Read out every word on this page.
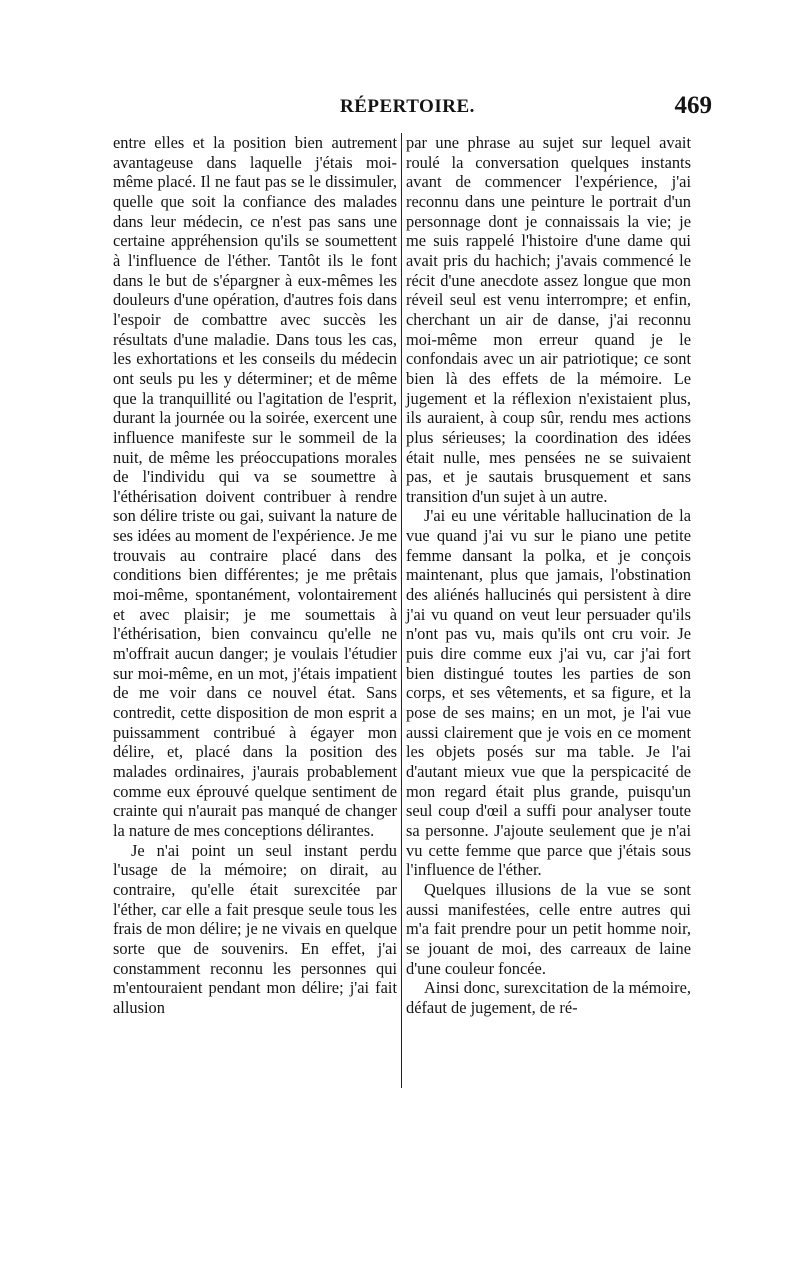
RÉPERTOIRE.	469

entre elles et la position bien autrement avantageuse dans laquelle j'étais moi-même placé. Il ne faut pas se le dissimuler, quelle que soit la confiance des malades dans leur médecin, ce n'est pas sans une certaine appréhension qu'ils se soumettent à l'influence de l'éther. Tantôt ils le font dans le but de s'épargner à eux-mêmes les douleurs d'une opération, d'autres fois dans l'espoir de combattre avec succès les résultats d'une maladie. Dans tous les cas, les exhortations et les conseils du médecin ont seuls pu les y déterminer; et de même que la tranquillité ou l'agitation de l'esprit, durant la journée ou la soirée, exercent une influence manifeste sur le sommeil de la nuit, de même les préoccupations morales de l'individu qui va se soumettre à l'éthérisation doivent contribuer à rendre son délire triste ou gai, suivant la nature de ses idées au moment de l'expérience. Je me trouvais au contraire placé dans des conditions bien différentes; je me prêtais moi-même, spontanément, volontairement et avec plaisir; je me soumettais à l'éthérisation, bien convaincu qu'elle ne m'offrait aucun danger; je voulais l'étudier sur moi-même, en un mot, j'étais impatient de me voir dans ce nouvel état. Sans contredit, cette disposition de mon esprit a puissamment contribué à égayer mon délire, et, placé dans la position des malades ordinaires, j'aurais probablement comme eux éprouvé quelque sentiment de crainte qui n'aurait pas manqué de changer la nature de mes conceptions délirantes.

Je n'ai point un seul instant perdu l'usage de la mémoire; on dirait, au contraire, qu'elle était surexcitée par l'éther, car elle a fait presque seule tous les frais de mon délire; je ne vivais en quelque sorte que de souvenirs. En effet, j'ai constamment reconnu les personnes qui m'entouraient pendant mon délire; j'ai fait allusion

par une phrase au sujet sur lequel avait roulé la conversation quelques instants avant de commencer l'expérience, j'ai reconnu dans une peinture le portrait d'un personnage dont je connaissais la vie; je me suis rappelé l'histoire d'une dame qui avait pris du hachich; j'avais commencé le récit d'une anecdote assez longue que mon réveil seul est venu interrompre; et enfin, cherchant un air de danse, j'ai reconnu moi-même mon erreur quand je le confondais avec un air patriotique; ce sont bien là des effets de la mémoire. Le jugement et la réflexion n'existaient plus, ils auraient, à coup sûr, rendu mes actions plus sérieuses; la coordination des idées était nulle, mes pensées ne se suivaient pas, et je sautais brusquement et sans transition d'un sujet à un autre.

J'ai eu une véritable hallucination de la vue quand j'ai vu sur le piano une petite femme dansant la polka, et je conçois maintenant, plus que jamais, l'obstination des aliénés hallucinés qui persistent à dire j'ai vu quand on veut leur persuader qu'ils n'ont pas vu, mais qu'ils ont cru voir. Je puis dire comme eux j'ai vu, car j'ai fort bien distingué toutes les parties de son corps, et ses vêtements, et sa figure, et la pose de ses mains; en un mot, je l'ai vue aussi clairement que je vois en ce moment les objets posés sur ma table. Je l'ai d'autant mieux vue que la perspicacité de mon regard était plus grande, puisqu'un seul coup d'œil a suffi pour analyser toute sa personne. J'ajoute seulement que je n'ai vu cette femme que parce que j'étais sous l'influence de l'éther.

Quelques illusions de la vue se sont aussi manifestées, celle entre autres qui m'a fait prendre pour un petit homme noir, se jouant de moi, des carreaux de laine d'une couleur foncée.

Ainsi donc, surexcitation de la mémoire, défaut de jugement, de ré-
